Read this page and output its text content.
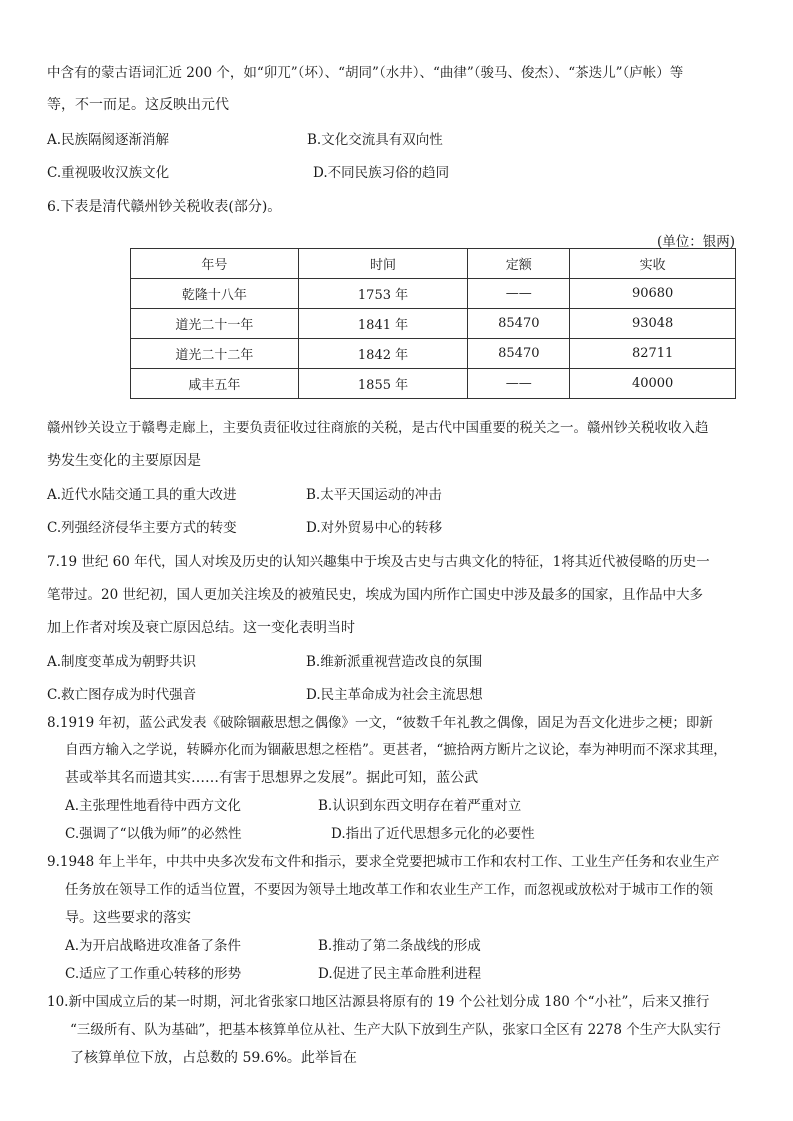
中含有的蒙古语词汇近 200 个，如“卯兀”（坏）、“胡同”（水井）、“曲律”（骏马、俊杰）、“茶迭儿”（庐帐）等
等，不一而足。这反映出元代
A.民族隔阂逐渐消解	B.文化交流具有双向性
C.重视吸收汉族文化	D.不同民族习俗的趋同
6.下表是清代赣州钞关税收表(部分)。
(单位：银两)
年号	时间	定额	实收
乾隆十八年	1753 年	——	90680
道光二十一年	1841 年	85470	93048
道光二十二年	1842 年	85470	82711
咸丰五年	1855 年	——	40000
赣州钞关设立于赣粤走廊上，主要负责征收过往商旅的关税，是古代中国重要的税关之一。赣州钞关税收收入趋
势发生变化的主要原因是
A.近代水陆交通工具的重大改进	B.太平天国运动的冲击
C.列强经济侵华主要方式的转变	D.对外贸易中心的转移
7.19 世纪 60 年代，国人对埃及历史的认知兴趣集中于埃及古史与古典文化的特征，1将其近代被侵略的历史一
笔带过。20 世纪初，国人更加关注埃及的被殖民史，埃成为国内所作亡国史中涉及最多的国家，且作品中大多
加上作者对埃及衰亡原因总结。这一变化表明当时
A.制度变革成为朝野共识	B.维新派重视营造改良的氛围
C.救亡图存成为时代强音	D.民主革命成为社会主流思想
8.1919 年初，蓝公武发表《破除锢蔽思想之偶像》一文，“彼数千年礼教之偶像，固足为吾文化进步之梗；即新
自西方输入之学说，转瞬亦化而为锢蔽思想之桎梏”。更甚者，“摭拾两方断片之议论，奉为神明而不深求其理，
甚或举其名而遗其实……有害于思想界之发展”。据此可知，蓝公武
A.主张理性地看待中西方文化	B.认识到东西文明存在着严重对立
C.强调了“以俄为师”的必然性	D.指出了近代思想多元化的必要性
9.1948 年上半年，中共中央多次发布文件和指示，要求全党要把城市工作和农村工作、工业生产任务和农业生产
任务放在领导工作的适当位置，不要因为领导土地改革工作和农业生产工作，而忽视或放松对于城市工作的领
导。这些要求的落实
A.为开启战略进攻准备了条件	B.推动了第二条战线的形成
C.适应了工作重心转移的形势	D.促进了民主革命胜利进程
10.新中国成立后的某一时期，河北省张家口地区沽源县将原有的 19 个公社划分成 180 个“小社”，后来又推行
“三级所有、队为基础”，把基本核算单位从社、生产大队下放到生产队，张家口全区有 2278 个生产大队实行
了核算单位下放，占总数的 59.6%。此举旨在
